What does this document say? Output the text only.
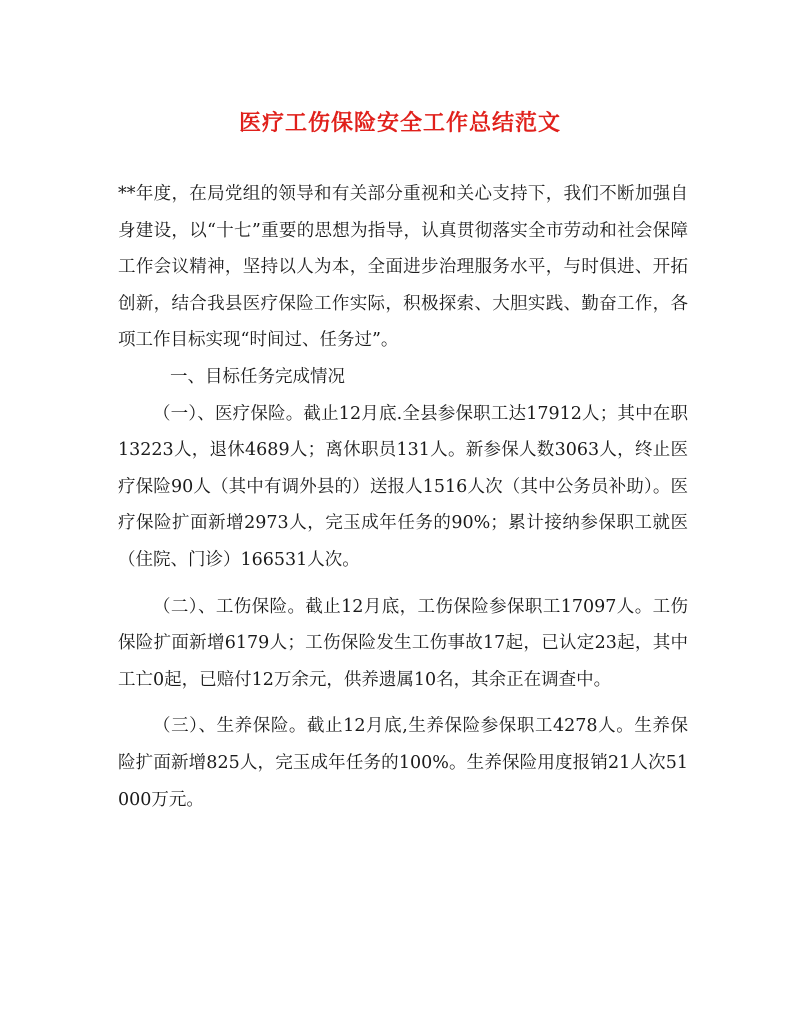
医疗工伤保险安全工作总结范文

**年度，在局党组的领导和有关部分重视和关心支持下，我们不断加强自身建设，以“十七”重要的思想为指导，认真贯彻落实全市劳动和社会保障工作会议精神，坚持以人为本，全面进步治理服务水平，与时俱进、开拓创新，结合我县医疗保险工作实际，积极探索、大胆实践、勤奋工作，各项工作目标实现“时间过、任务过”。

一、目标任务完成情况

（一）、医疗保险。截止12月底.全县参保职工达17912人；其中在职13223人，退休4689人；离休职员131人。新参保人数3063人，终止医疗保险90人（其中有调外县的）送报人1516人次（其中公务员补助）。医疗保险扩面新增2973人，完玉成年任务的90%；累计接纳参保职工就医（住院、门诊）166531人次。

（二）、工伤保险。截止12月底，工伤保险参保职工17097人。工伤保险扩面新增6179人；工伤保险发生工伤事故17起，已认定23起，其中工亡0起，已赔付12万余元，供养遗属10名，其余正在调查中。

（三）、生养保险。截止12月底,生养保险参保职工4278人。生养保险扩面新增825人，完玉成年任务的100%。生养保险用度报销21人次51000万元。
